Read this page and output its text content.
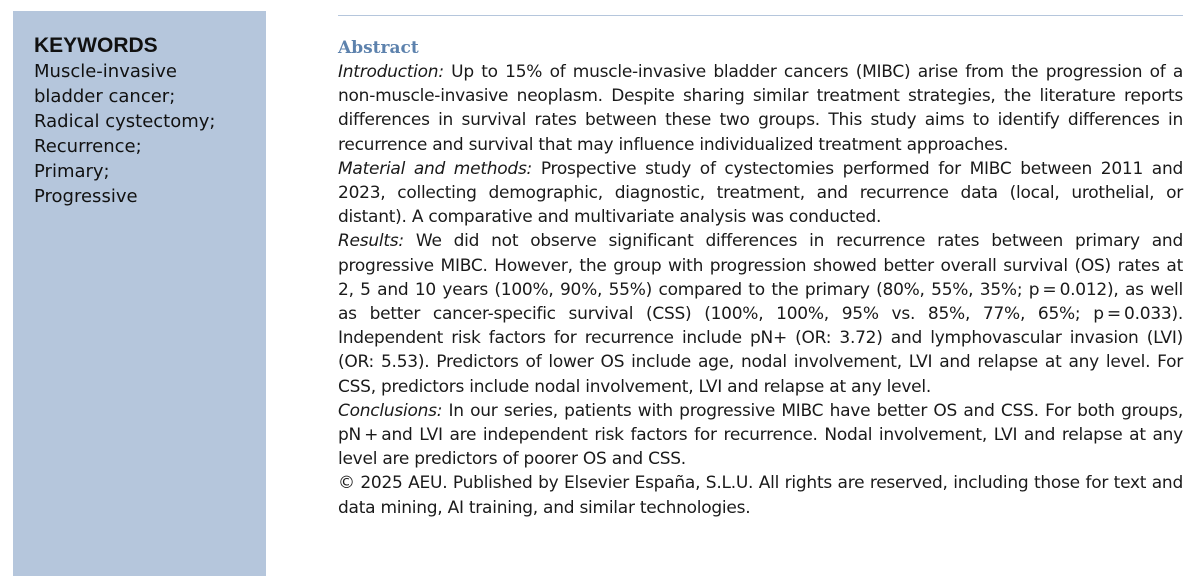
KEYWORDS
Muscle-invasive
bladder cancer;
Radical cystectomy;
Recurrence;
Primary;
Progressive
Abstract

Introduction: Up to 15% of muscle-invasive bladder cancers (MIBC) arise from the progression of a non-muscle-invasive neoplasm. Despite sharing similar treatment strategies, the literature reports differences in survival rates between these two groups. This study aims to identify differences in recurrence and survival that may influence individualized treatment approaches.

Material and methods: Prospective study of cystectomies performed for MIBC between 2011 and 2023, collecting demographic, diagnostic, treatment, and recurrence data (local, urothelial, or distant). A comparative and multivariate analysis was conducted.

Results: We did not observe significant differences in recurrence rates between primary and progressive MIBC. However, the group with progression showed better overall survival (OS) rates at 2, 5 and 10 years (100%, 90%, 55%) compared to the primary (80%, 55%, 35%; p = 0.012), as well as better cancer-specific survival (CSS) (100%, 100%, 95% vs. 85%, 77%, 65%; p = 0.033). Independent risk factors for recurrence include pN+ (OR: 3.72) and lymphovascular invasion (LVI) (OR: 5.53). Predictors of lower OS include age, nodal involvement, LVI and relapse at any level. For CSS, predictors include nodal involvement, LVI and relapse at any level.

Conclusions: In our series, patients with progressive MIBC have better OS and CSS. For both groups, pN + and LVI are independent risk factors for recurrence. Nodal involvement, LVI and relapse at any level are predictors of poorer OS and CSS.

© 2025 AEU. Published by Elsevier España, S.L.U. All rights are reserved, including those for text and data mining, AI training, and similar technologies.
